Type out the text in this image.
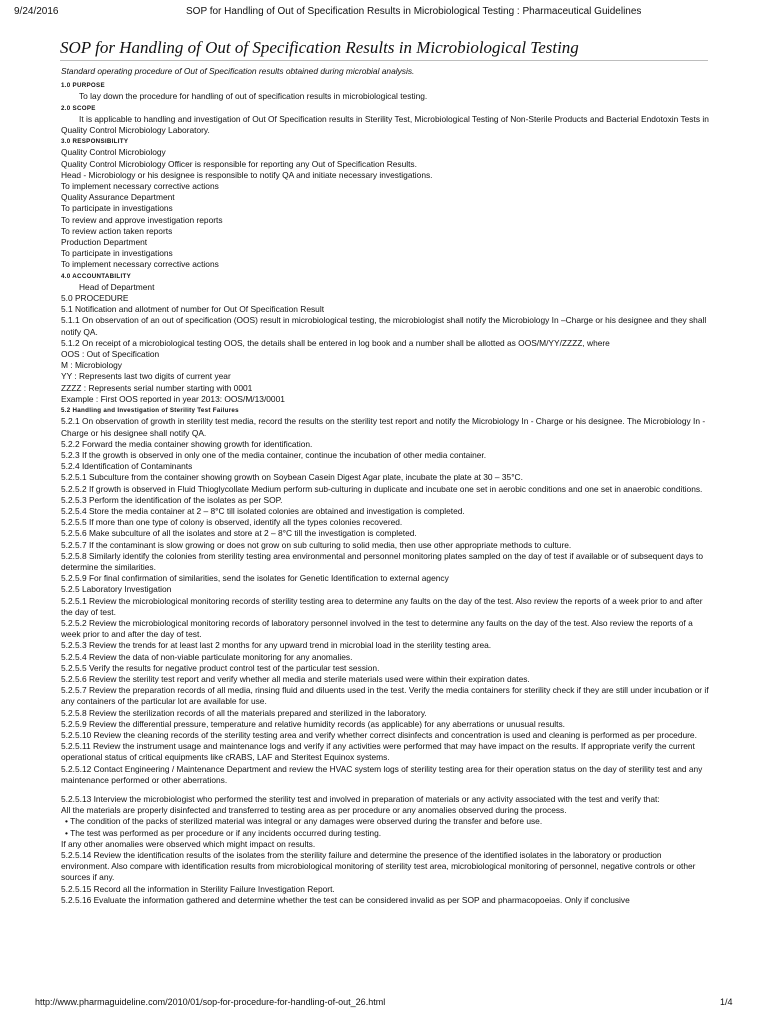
9/24/2016	SOP for Handling of Out of Specification Results in Microbiological Testing : Pharmaceutical Guidelines
SOP for Handling of Out of Specification Results in Microbiological Testing
Standard operating procedure of Out of Specification results obtained during microbial analysis.
1.0 PURPOSE
To lay down the procedure for handling of out of specification results in microbiological testing.
2.0 SCOPE
It is applicable to handling and investigation of Out Of Specification results in Sterility Test, Microbiological Testing of Non-Sterile Products and Bacterial Endotoxin Tests in Quality Control Microbiology Laboratory.
3.0 RESPONSIBILITY
Quality Control Microbiology
Quality Control Microbiology Officer is responsible for reporting any Out of Specification Results.
Head - Microbiology or his designee is responsible to notify QA and initiate necessary investigations.
To implement necessary corrective actions
Quality Assurance Department
To participate in investigations
To review and approve investigation reports
To review action taken reports
Production Department
To participate in investigations
To implement necessary corrective actions
4.0 ACCOUNTABILITY
Head of Department
5.0 PROCEDURE
5.1 Notification and allotment of number for Out Of Specification Result
5.1.1 On observation of an out of specification (OOS) result in microbiological testing, the microbiologist shall notify the Microbiology In –Charge or his designee and they shall notify QA.
5.1.2 On receipt of a microbiological testing OOS, the details shall be entered in log book and a number shall be allotted as OOS/M/YY/ZZZZ, where
OOS : Out of Specification
M : Microbiology
YY : Represents last two digits of current year
ZZZZ : Represents serial number starting with 0001
Example : First OOS reported in year 2013: OOS/M/13/0001
5.2 Handling and Investigation of Sterility Test Failures
5.2.1 On observation of growth in sterility test media, record the results on the sterility test report and notify the Microbiology In - Charge or his designee. The Microbiology In - Charge or his designee shall notify QA.
5.2.2 Forward the media container showing growth for identification.
5.2.3 If the growth is observed in only one of the media container, continue the incubation of other media container.
5.2.4 Identification of Contaminants
5.2.5.1 Subculture from the container showing growth on Soybean Casein Digest Agar plate, incubate the plate at 30 – 35°C.
5.2.5.2 If growth is observed in Fluid Thioglycollate Medium perform sub-culturing in duplicate and incubate one set in aerobic conditions and one set in anaerobic conditions.
5.2.5.3 Perform the identification of the isolates as per SOP.
5.2.5.4 Store the media container at 2 – 8°C till isolated colonies are obtained and investigation is completed.
5.2.5.5 If more than one type of colony is observed, identify all the types colonies recovered.
5.2.5.6 Make subculture of all the isolates and store at 2 – 8°C till the investigation is completed.
5.2.5.7 If the contaminant is slow growing or does not grow on sub culturing to solid media, then use other appropriate methods to culture.
5.2.5.8 Similarly identify the colonies from sterility testing area environmental and personnel monitoring plates sampled on the day of test if available or of subsequent days to determine the similarities.
5.2.5.9 For final confirmation of similarities, send the isolates for Genetic Identification to external agency
5.2.5 Laboratory Investigation
5.2.5.1 Review the microbiological monitoring records of sterility testing area to determine any faults on the day of the test. Also review the reports of a week prior to and after the day of test.
5.2.5.2 Review the microbiological monitoring records of laboratory personnel involved in the test to determine any faults on the day of the test. Also review the reports of a week prior to and after the day of test.
5.2.5.3 Review the trends for at least last 2 months for any upward trend in microbial load in the sterility testing area.
5.2.5.4 Review the data of non-viable particulate monitoring for any anomalies.
5.2.5.5 Verify the results for negative product control test of the particular test session.
5.2.5.6 Review the sterility test report and verify whether all media and sterile materials used were within their expiration dates.
5.2.5.7 Review the preparation records of all media, rinsing fluid and diluents used in the test. Verify the media containers for sterility check if they are still under incubation or if any containers of the particular lot are available for use.
5.2.5.8 Review the sterilization records of all the materials prepared and sterilized in the laboratory.
5.2.5.9 Review the differential pressure, temperature and relative humidity records (as applicable) for any aberrations or unusual results.
5.2.5.10 Review the cleaning records of the sterility testing area and verify whether correct disinfects and concentration is used and cleaning is performed as per procedure.
5.2.5.11 Review the instrument usage and maintenance logs and verify if any activities were performed that may have impact on the results. If appropriate verify the current operational status of critical equipments like cRABS, LAF and Steritest Equinox systems.
5.2.5.12 Contact Engineering / Maintenance Department and review the HVAC system logs of sterility testing area for their operation status on the day of sterility test and any maintenance performed or other aberrations.
5.2.5.13 Interview the microbiologist who performed the sterility test and involved in preparation of materials or any activity associated with the test and verify that:
All the materials are properly disinfected and transferred to testing area as per procedure or any anomalies observed during the process.
• The condition of the packs of sterilized material was integral or any damages were observed during the transfer and before use.
• The test was performed as per procedure or if any incidents occurred during testing.
If any other anomalies were observed which might impact on results.
5.2.5.14 Review the identification results of the isolates from the sterility failure and determine the presence of the identified isolates in the laboratory or production environment. Also compare with identification results from microbiological monitoring of sterility test area, microbiological monitoring of personnel, negative controls or other sources if any.
5.2.5.15 Record all the information in Sterility Failure Investigation Report.
5.2.5.16 Evaluate the information gathered and determine whether the test can be considered invalid as per SOP and pharmacopoeias. Only if conclusive
http://www.pharmaguideline.com/2010/01/sop-for-procedure-for-handling-of-out_26.html	1/4
